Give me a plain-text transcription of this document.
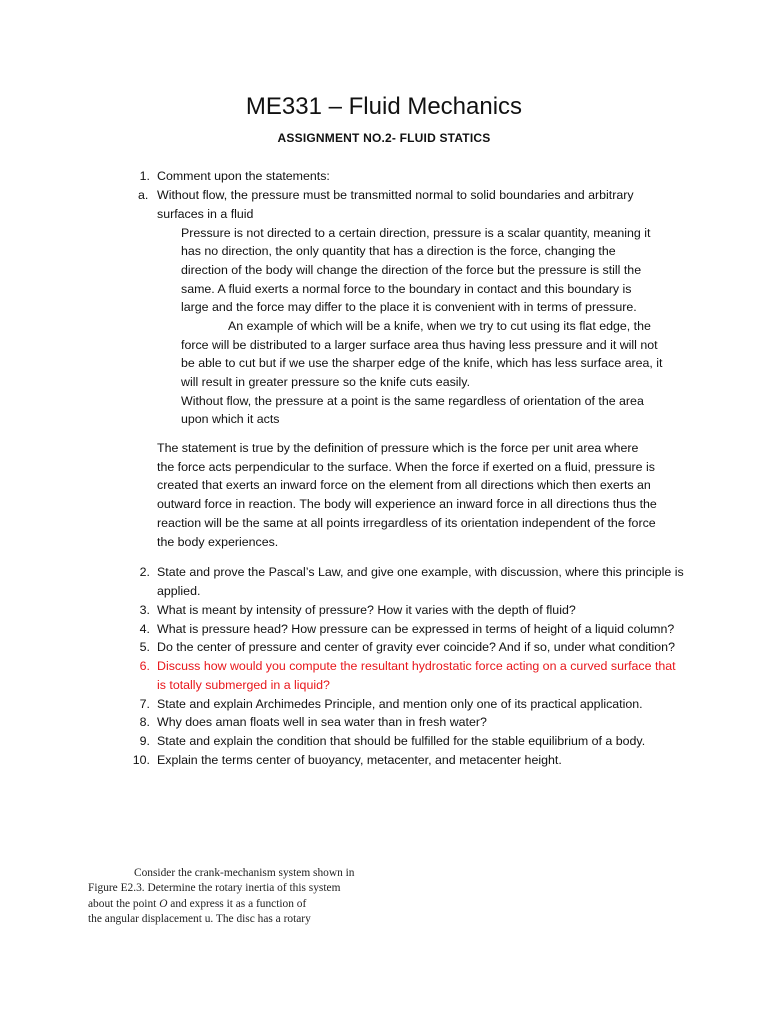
ME331 – Fluid Mechanics
ASSIGNMENT NO.2- FLUID STATICS
1. Comment upon the statements:
a. Without flow, the pressure must be transmitted normal to solid boundaries and arbitrary
surfaces in a fluid
Pressure is not directed to a certain direction, pressure is a scalar quantity, meaning it
has no direction, the only quantity that has a direction is the force, changing the
direction of the body will change the direction of the force but the pressure is still the
same. A fluid exerts a normal force to the boundary in contact and this boundary is
large and the force may differ to the place it is convenient with in terms of pressure.
An example of which will be a knife, when we try to cut using its flat edge, the
force will be distributed to a larger surface area thus having less pressure and it will not
be able to cut but if we use the sharper edge of the knife, which has less surface area, it
will result in greater pressure so the knife cuts easily.
Without flow, the pressure at a point is the same regardless of orientation of the area
upon which it acts
The statement is true by the definition of pressure which is the force per unit area where
the force acts perpendicular to the surface. When the force if exerted on a fluid, pressure is
created that exerts an inward force on the element from all directions which then exerts an
outward force in reaction. The body will experience an inward force in all directions thus the
reaction will be the same at all points irregardless of its orientation independent of the force
the body experiences.
2. State and prove the Pascal’s Law, and give one example, with discussion, where this principle is
applied.
3. What is meant by intensity of pressure? How it varies with the depth of fluid?
4. What is pressure head? How pressure can be expressed in terms of height of a liquid column?
5. Do the center of pressure and center of gravity ever coincide? And if so, under what condition?
6. Discuss how would you compute the resultant hydrostatic force acting on a curved surface that
is totally submerged in a liquid?
7. State and explain Archimedes Principle, and mention only one of its practical application.
8. Why does aman floats well in sea water than in fresh water?
9. State and explain the condition that should be fulfilled for the stable equilibrium of a body.
10. Explain the terms center of buoyancy, metacenter, and metacenter height.
Consider the crank-mechanism system shown in
Figure E2.3. Determine the rotary inertia of this system
about the point O and express it as a function of
the angular displacement u. The disc has a rotary
